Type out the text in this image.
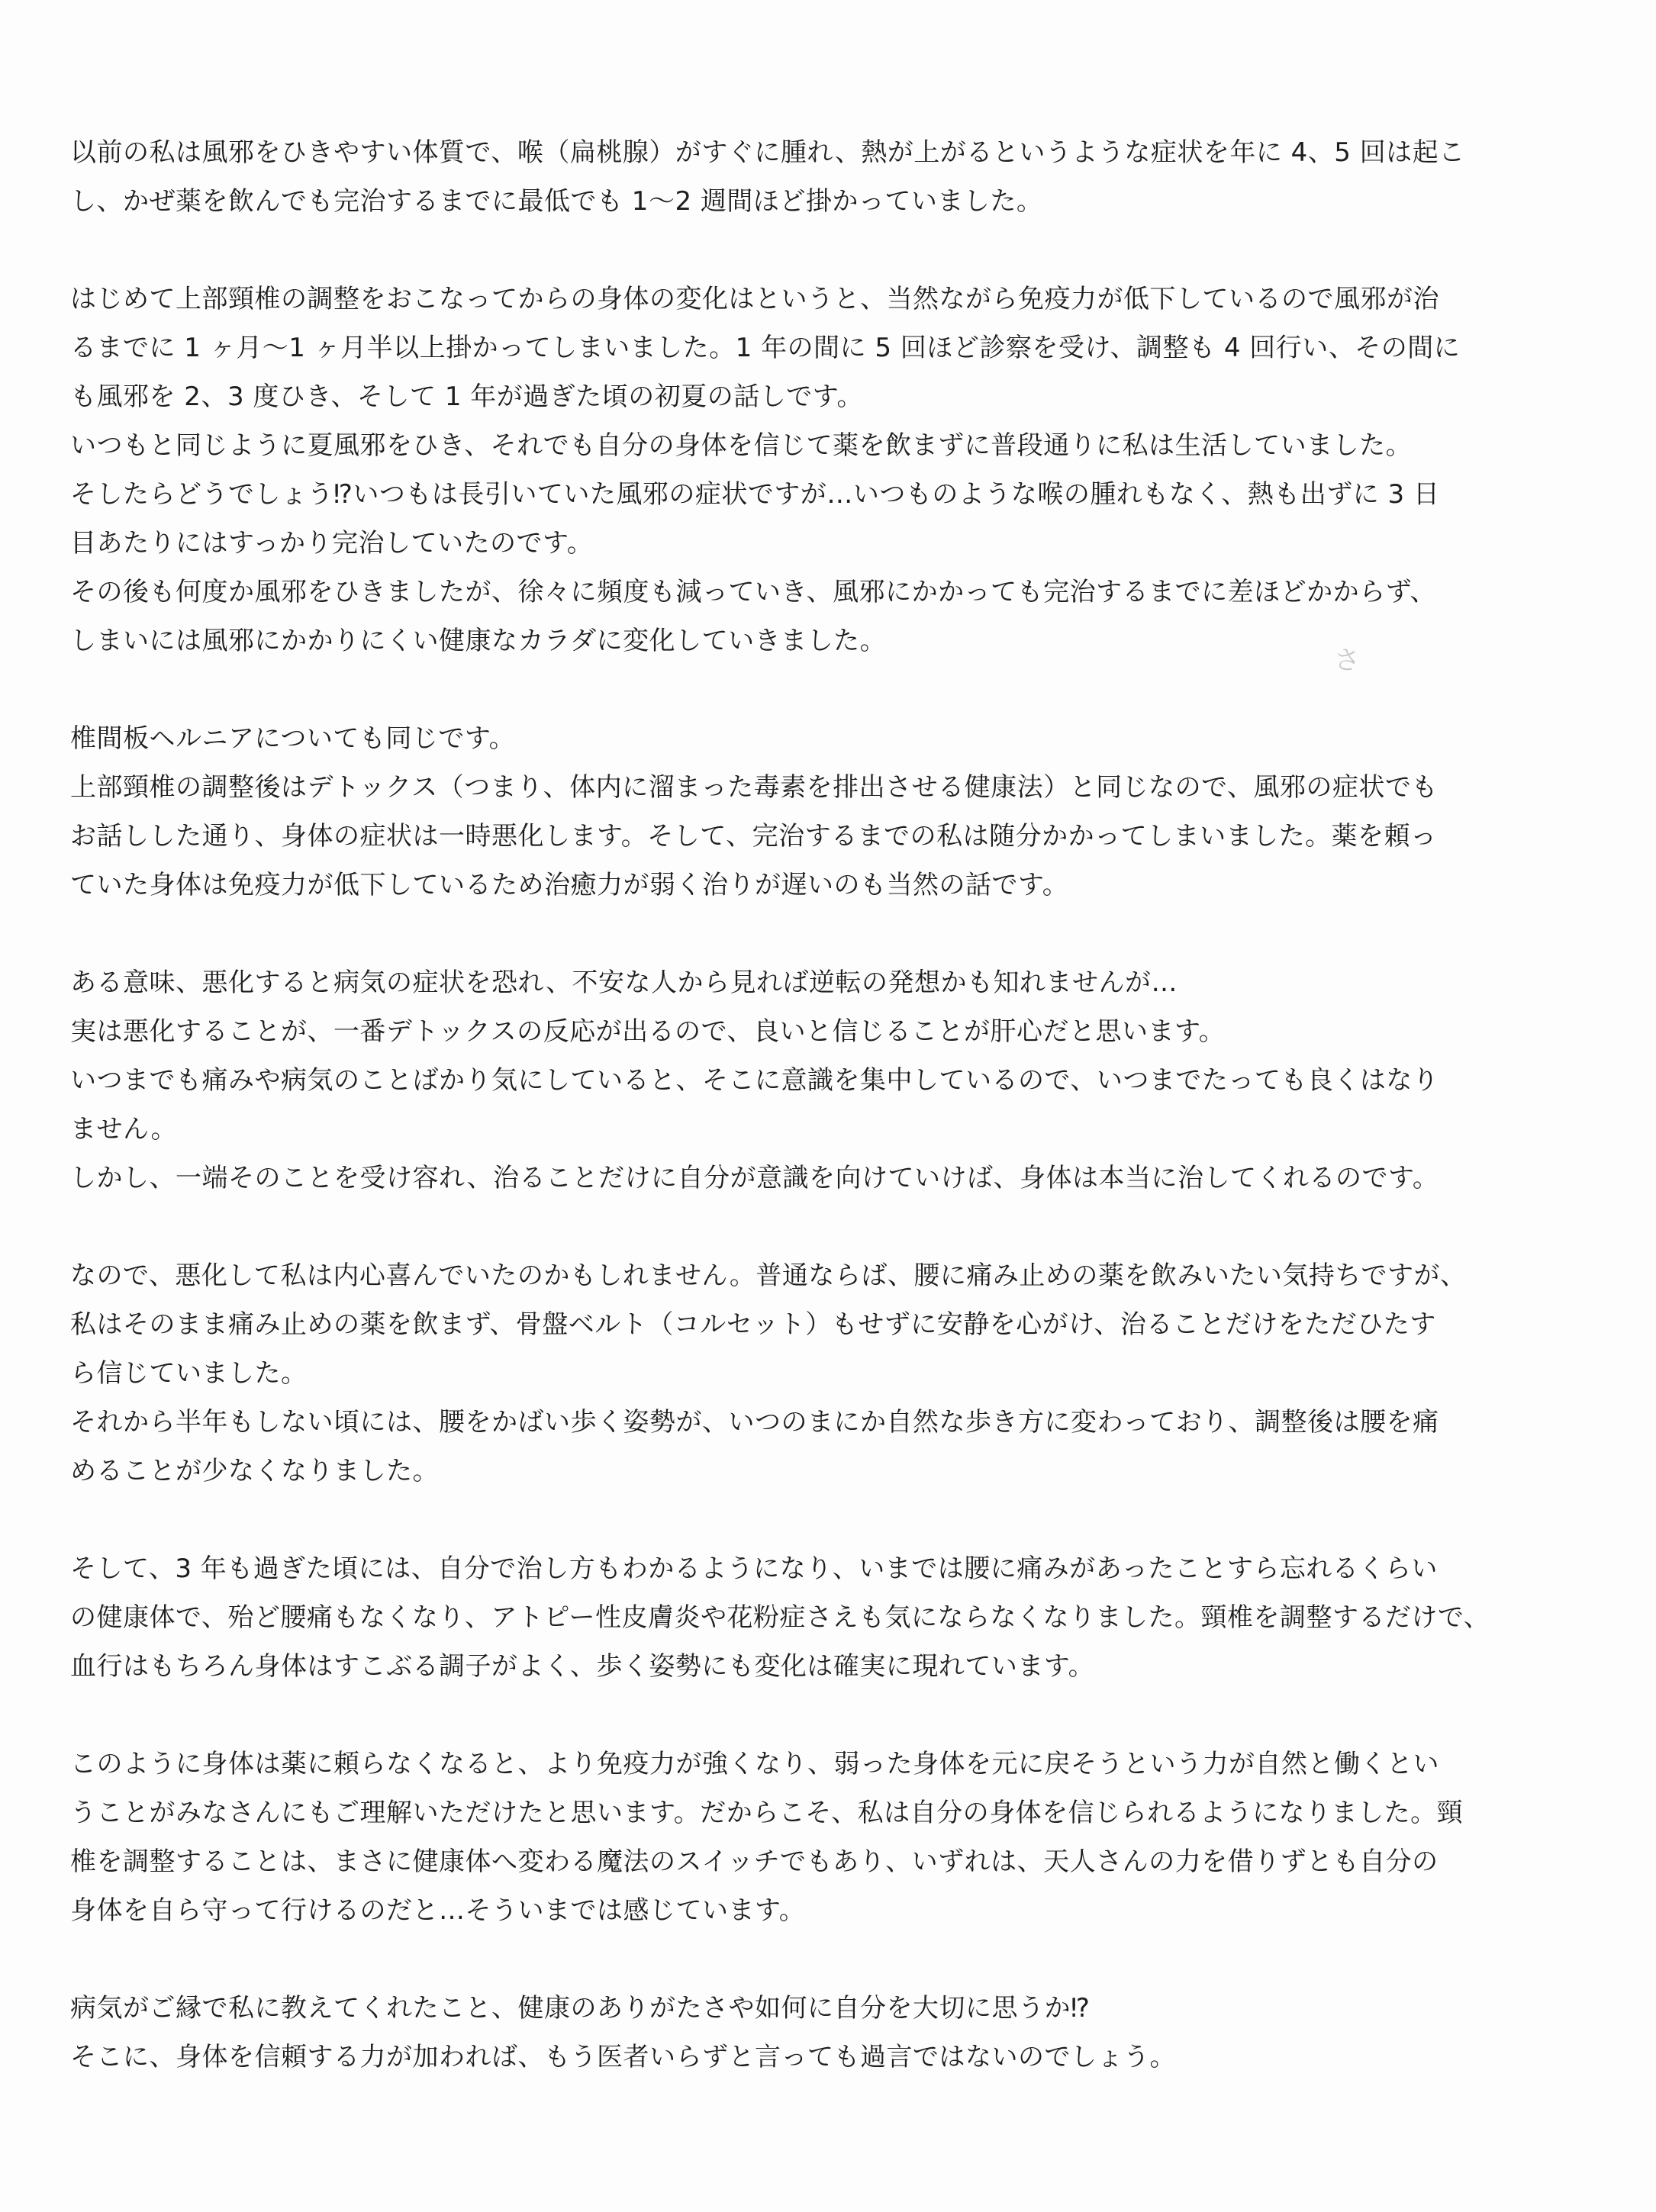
以前の私は風邪をひきやすい体質で、喉（扁桃腺）がすぐに腫れ、熱が上がるというような症状を年に 4、5 回は起こ

し、かぜ薬を飲んでも完治するまでに最低でも 1～2 週間ほど掛かっていました。

はじめて上部頸椎の調整をおこなってからの身体の変化はというと、当然ながら免疫力が低下しているので風邪が治

るまでに 1 ヶ月～1 ヶ月半以上掛かってしまいました。1 年の間に 5 回ほど診察を受け、調整も 4 回行い、その間に

も風邪を 2、3 度ひき、そして 1 年が過ぎた頃の初夏の話しです。

いつもと同じように夏風邪をひき、それでも自分の身体を信じて薬を飲まずに普段通りに私は生活していました。

そしたらどうでしょう⁉いつもは長引いていた風邪の症状ですが…いつものような喉の腫れもなく、熱も出ずに 3 日

目あたりにはすっかり完治していたのです。

その後も何度か風邪をひきましたが、徐々に頻度も減っていき、風邪にかかっても完治するまでに差ほどかからず、

しまいには風邪にかかりにくい健康なカラダに変化していきました。

椎間板ヘルニアについても同じです。

上部頸椎の調整後はデトックス（つまり、体内に溜まった毒素を排出させる健康法）と同じなので、風邪の症状でも

お話しした通り、身体の症状は一時悪化します。そして、完治するまでの私は随分かかってしまいました。薬を頼っ

ていた身体は免疫力が低下しているため治癒力が弱く治りが遅いのも当然の話です。

ある意味、悪化すると病気の症状を恐れ、不安な人から見れば逆転の発想かも知れませんが…

実は悪化することが、一番デトックスの反応が出るので、良いと信じることが肝心だと思います。

いつまでも痛みや病気のことばかり気にしていると、そこに意識を集中しているので、いつまでたっても良くはなり

ません。

しかし、一端そのことを受け容れ、治ることだけに自分が意識を向けていけば、身体は本当に治してくれるのです。

なので、悪化して私は内心喜んでいたのかもしれません。普通ならば、腰に痛み止めの薬を飲みいたい気持ちですが、

私はそのまま痛み止めの薬を飲まず、骨盤ベルト（コルセット）もせずに安静を心がけ、治ることだけをただひたす

ら信じていました。

それから半年もしない頃には、腰をかばい歩く姿勢が、いつのまにか自然な歩き方に変わっており、調整後は腰を痛

めることが少なくなりました。

そして、3 年も過ぎた頃には、自分で治し方もわかるようになり、いまでは腰に痛みがあったことすら忘れるくらい

の健康体で、殆ど腰痛もなくなり、アトピー性皮膚炎や花粉症さえも気にならなくなりました。頸椎を調整するだけで、

血行はもちろん身体はすこぶる調子がよく、歩く姿勢にも変化は確実に現れています。

このように身体は薬に頼らなくなると、より免疫力が強くなり、弱った身体を元に戻そうという力が自然と働くとい

うことがみなさんにもご理解いただけたと思います。だからこそ、私は自分の身体を信じられるようになりました。頸

椎を調整することは、まさに健康体へ変わる魔法のスイッチでもあり、いずれは、天人さんの力を借りずとも自分の

身体を自ら守って行けるのだと…そういまでは感じています。

病気がご縁で私に教えてくれたこと、健康のありがたさや如何に自分を大切に思うか⁉

そこに、身体を信頼する力が加われば、もう医者いらずと言っても過言ではないのでしょう。

さ
